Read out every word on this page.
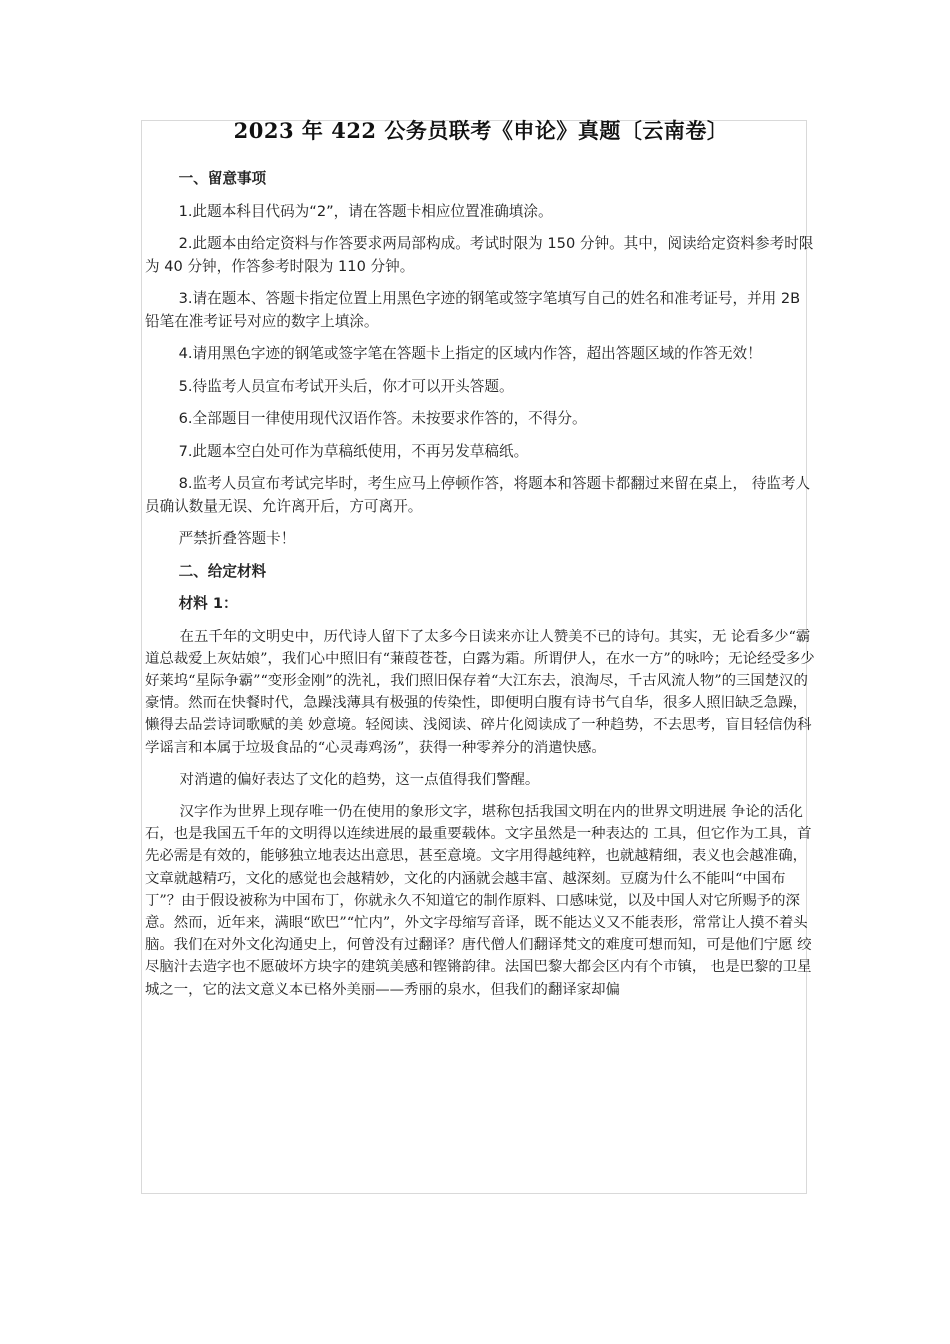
2023 年 422 公务员联考《申论》真题〔云南卷〕

一、留意事项

1.此题本科目代码为“2”，请在答题卡相应位置准确填涂。

2.此题本由给定资料与作答要求两局部构成。考试时限为 150 分钟。其中，阅读给定资料参考时限为 40 分钟，作答参考时限为 110 分钟。

3.请在题本、答题卡指定位置上用黑色字迹的钢笔或签字笔填写自己的姓名和准考证号，并用 2B 铅笔在准考证号对应的数字上填涂。

4.请用黑色字迹的钢笔或签字笔在答题卡上指定的区域内作答，超出答题区域的作答无效！

5.待监考人员宣布考试开头后，你才可以开头答题。

6.全部题目一律使用现代汉语作答。未按要求作答的，不得分。

7.此题本空白处可作为草稿纸使用，不再另发草稿纸。

8.监考人员宣布考试完毕时，考生应马上停顿作答，将题本和答题卡都翻过来留在桌上， 待监考人员确认数量无误、允许离开后，方可离开。

严禁折叠答题卡！

二、给定材料

材料 1：

在五千年的文明史中，历代诗人留下了太多今日读来亦让人赞美不已的诗句。其实，无 论看多少“霸道总裁爱上灰姑娘”，我们心中照旧有“蒹葭苍苍，白露为霜。所谓伊人，在水一方”的咏吟；无论经受多少好莱坞“星际争霸”“变形金刚”的洗礼，我们照旧保存着“大江东去，浪淘尽，千古风流人物”的三国楚汉的豪情。然而在快餐时代，急躁浅薄具有极强的传染性，即便明白腹有诗书气自华，很多人照旧缺乏急躁，懒得去品尝诗词歌赋的美 妙意境。轻阅读、浅阅读、碎片化阅读成了一种趋势，不去思考，盲目轻信伪科学谣言和本属于垃圾食品的“心灵毒鸡汤”，获得一种零养分的消遣快感。

对消遣的偏好表达了文化的趋势，这一点值得我们警醒。

汉字作为世界上现存唯一仍在使用的象形文字，堪称包括我国文明在内的世界文明进展 争论的活化石，也是我国五千年的文明得以连续进展的最重要载体。文字虽然是一种表达的 工具，但它作为工具，首先必需是有效的，能够独立地表达出意思，甚至意境。文字用得越纯粹，也就越精细，表义也会越准确，文章就越精巧，文化的感觉也会越精妙，文化的内涵就会越丰富、越深刻。豆腐为什么不能叫“中国布丁”？由于假设被称为中国布丁，你就永久不知道它的制作原料、口感味觉，以及中国人对它所赐予的深意。然而，近年来，满眼“欧巴”“忙内”，外文字母缩写音译，既不能达义又不能表形，常常让人摸不着头脑。我们在对外文化沟通史上，何曾没有过翻译？唐代僧人们翻译梵文的难度可想而知，可是他们宁愿 绞尽脑汁去造字也不愿破坏方块字的建筑美感和铿锵韵律。法国巴黎大都会区内有个市镇， 也是巴黎的卫星城之一，它的法文意义本已格外美丽——秀丽的泉水，但我们的翻译家却偏
